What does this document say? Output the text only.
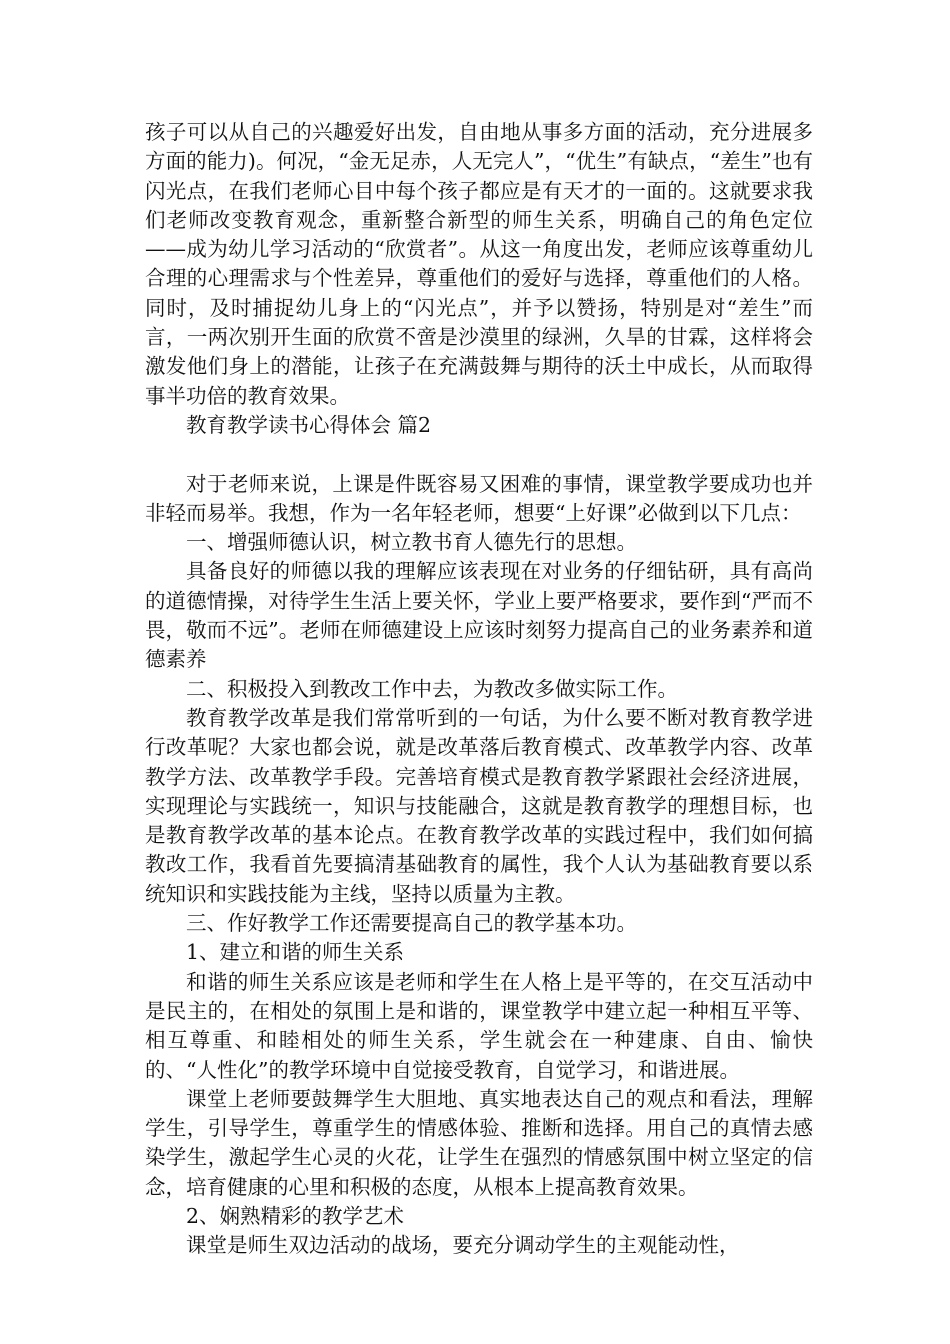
孩子可以从自己的兴趣爱好出发，自由地从事多方面的活动，充分进展多方面的能力)。何况，“金无足赤，人无完人”，“优生”有缺点，“差生”也有闪光点，在我们老师心目中每个孩子都应是有天才的一面的。这就要求我们老师改变教育观念，重新整合新型的师生关系，明确自己的角色定位——成为幼儿学习活动的“欣赏者”。从这一角度出发，老师应该尊重幼儿合理的心理需求与个性差异，尊重他们的爱好与选择，尊重他们的人格。同时，及时捕捉幼儿身上的“闪光点”，并予以赞扬，特别是对“差生”而言，一两次别开生面的欣赏不啻是沙漠里的绿洲，久旱的甘霖，这样将会激发他们身上的潜能，让孩子在充满鼓舞与期待的沃土中成长，从而取得事半功倍的教育效果。

教育教学读书心得体会 篇2

对于老师来说，上课是件既容易又困难的事情，课堂教学要成功也并非轻而易举。我想，作为一名年轻老师，想要“上好课”必做到以下几点：

一、增强师德认识，树立教书育人德先行的思想。

具备良好的师德以我的理解应该表现在对业务的仔细钻研，具有高尚的道德情操，对待学生生活上要关怀，学业上要严格要求，要作到“严而不畏，敬而不远”。老师在师德建设上应该时刻努力提高自己的业务素养和道德素养

二、积极投入到教改工作中去，为教改多做实际工作。

教育教学改革是我们常常听到的一句话，为什么要不断对教育教学进行改革呢？大家也都会说，就是改革落后教育模式、改革教学内容、改革教学方法、改革教学手段。完善培育模式是教育教学紧跟社会经济进展，实现理论与实践统一，知识与技能融合，这就是教育教学的理想目标，也是教育教学改革的基本论点。在教育教学改革的实践过程中，我们如何搞教改工作，我看首先要搞清基础教育的属性，我个人认为基础教育要以系统知识和实践技能为主线，坚持以质量为主教。

三、作好教学工作还需要提高自己的教学基本功。

1、建立和谐的师生关系

和谐的师生关系应该是老师和学生在人格上是平等的，在交互活动中是民主的，在相处的氛围上是和谐的，课堂教学中建立起一种相互平等、相互尊重、和睦相处的师生关系，学生就会在一种建康、自由、愉快的、“人性化”的教学环境中自觉接受教育，自觉学习，和谐进展。

课堂上老师要鼓舞学生大胆地、真实地表达自己的观点和看法，理解学生，引导学生，尊重学生的情感体验、推断和选择。用自己的真情去感染学生，激起学生心灵的火花，让学生在强烈的情感氛围中树立坚定的信念，培育健康的心里和积极的态度，从根本上提高教育效果。

2、娴熟精彩的教学艺术

课堂是师生双边活动的战场，要充分调动学生的主观能动性，
